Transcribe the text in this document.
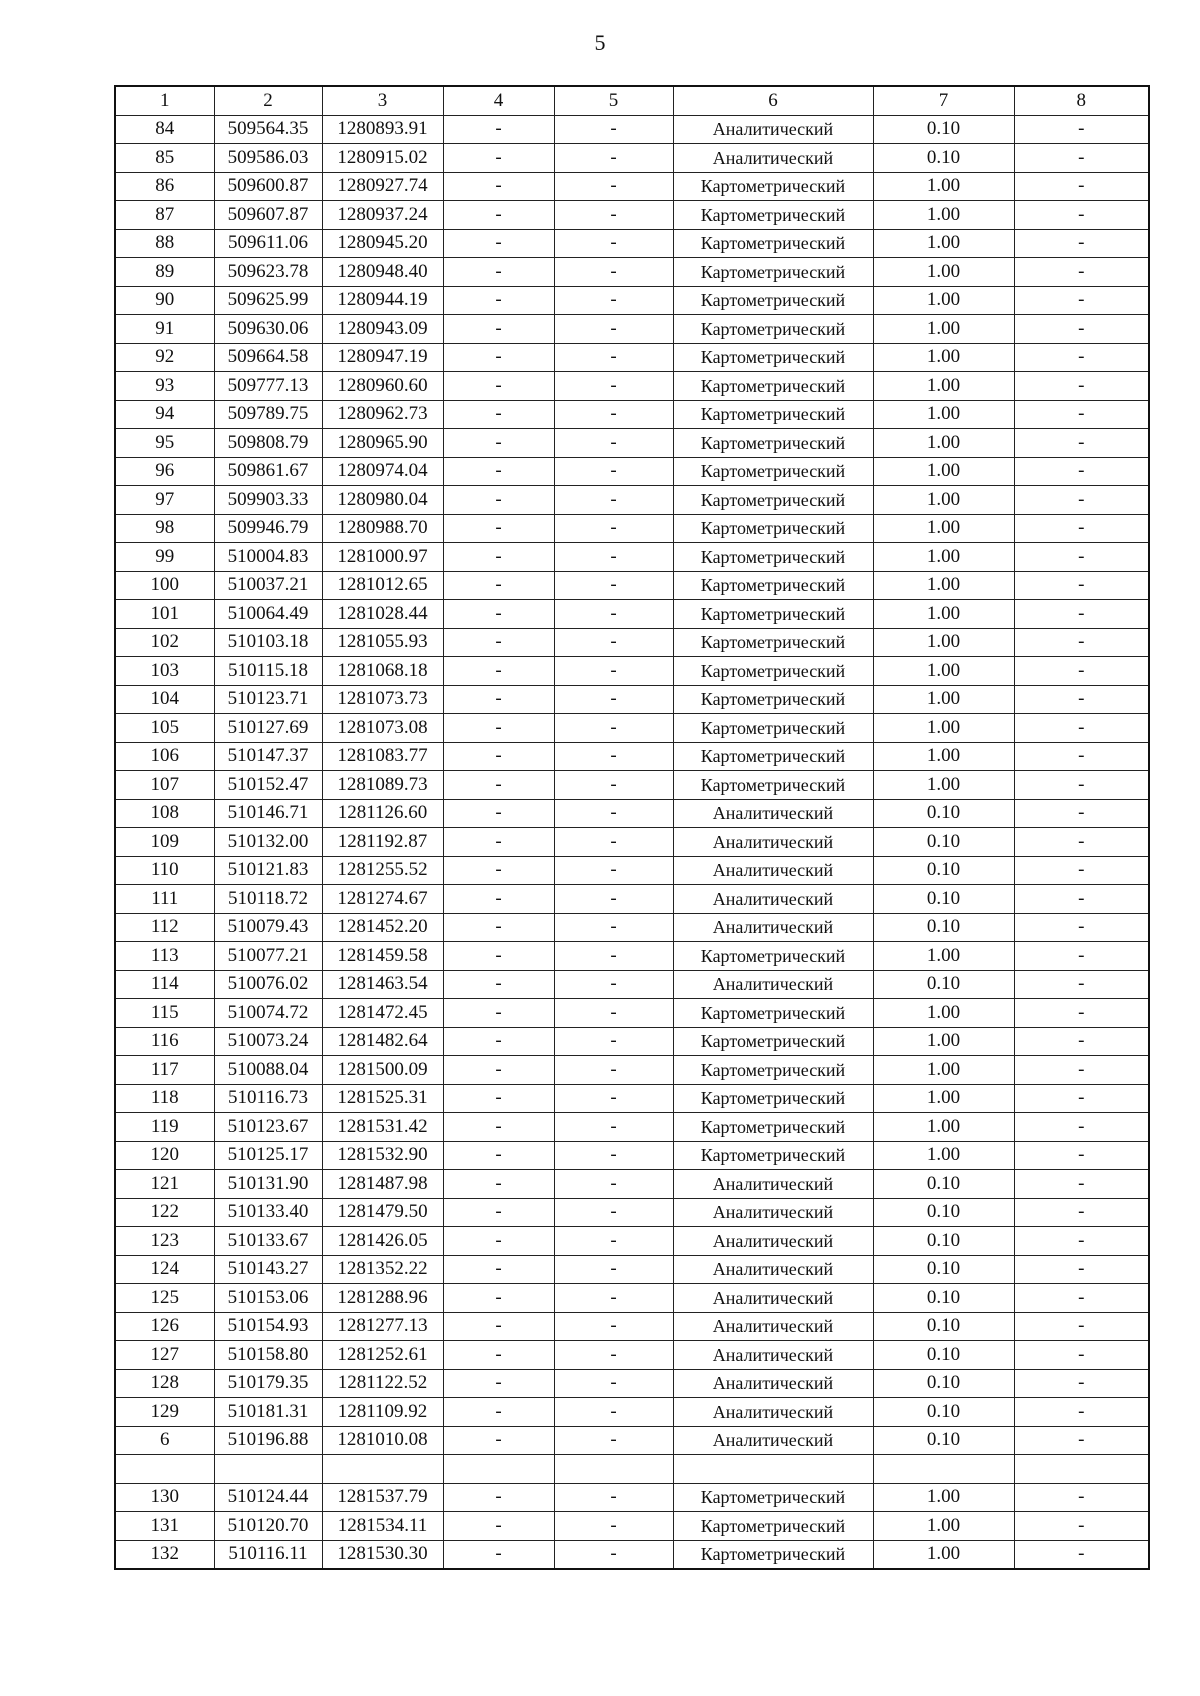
5
1	2	3	4	5	6	7	8
84	509564.35	1280893.91	-	-	Аналитический	0.10	-
85	509586.03	1280915.02	-	-	Аналитический	0.10	-
86	509600.87	1280927.74	-	-	Картометрический	1.00	-
87	509607.87	1280937.24	-	-	Картометрический	1.00	-
88	509611.06	1280945.20	-	-	Картометрический	1.00	-
89	509623.78	1280948.40	-	-	Картометрический	1.00	-
90	509625.99	1280944.19	-	-	Картометрический	1.00	-
91	509630.06	1280943.09	-	-	Картометрический	1.00	-
92	509664.58	1280947.19	-	-	Картометрический	1.00	-
93	509777.13	1280960.60	-	-	Картометрический	1.00	-
94	509789.75	1280962.73	-	-	Картометрический	1.00	-
95	509808.79	1280965.90	-	-	Картометрический	1.00	-
96	509861.67	1280974.04	-	-	Картометрический	1.00	-
97	509903.33	1280980.04	-	-	Картометрический	1.00	-
98	509946.79	1280988.70	-	-	Картометрический	1.00	-
99	510004.83	1281000.97	-	-	Картометрический	1.00	-
100	510037.21	1281012.65	-	-	Картометрический	1.00	-
101	510064.49	1281028.44	-	-	Картометрический	1.00	-
102	510103.18	1281055.93	-	-	Картометрический	1.00	-
103	510115.18	1281068.18	-	-	Картометрический	1.00	-
104	510123.71	1281073.73	-	-	Картометрический	1.00	-
105	510127.69	1281073.08	-	-	Картометрический	1.00	-
106	510147.37	1281083.77	-	-	Картометрический	1.00	-
107	510152.47	1281089.73	-	-	Картометрический	1.00	-
108	510146.71	1281126.60	-	-	Аналитический	0.10	-
109	510132.00	1281192.87	-	-	Аналитический	0.10	-
110	510121.83	1281255.52	-	-	Аналитический	0.10	-
111	510118.72	1281274.67	-	-	Аналитический	0.10	-
112	510079.43	1281452.20	-	-	Аналитический	0.10	-
113	510077.21	1281459.58	-	-	Картометрический	1.00	-
114	510076.02	1281463.54	-	-	Аналитический	0.10	-
115	510074.72	1281472.45	-	-	Картометрический	1.00	-
116	510073.24	1281482.64	-	-	Картометрический	1.00	-
117	510088.04	1281500.09	-	-	Картометрический	1.00	-
118	510116.73	1281525.31	-	-	Картометрический	1.00	-
119	510123.67	1281531.42	-	-	Картометрический	1.00	-
120	510125.17	1281532.90	-	-	Картометрический	1.00	-
121	510131.90	1281487.98	-	-	Аналитический	0.10	-
122	510133.40	1281479.50	-	-	Аналитический	0.10	-
123	510133.67	1281426.05	-	-	Аналитический	0.10	-
124	510143.27	1281352.22	-	-	Аналитический	0.10	-
125	510153.06	1281288.96	-	-	Аналитический	0.10	-
126	510154.93	1281277.13	-	-	Аналитический	0.10	-
127	510158.80	1281252.61	-	-	Аналитический	0.10	-
128	510179.35	1281122.52	-	-	Аналитический	0.10	-
129	510181.31	1281109.92	-	-	Аналитический	0.10	-
6	510196.88	1281010.08	-	-	Аналитический	0.10	-

130	510124.44	1281537.79	-	-	Картометрический	1.00	-
131	510120.70	1281534.11	-	-	Картометрический	1.00	-
132	510116.11	1281530.30	-	-	Картометрический	1.00	-
